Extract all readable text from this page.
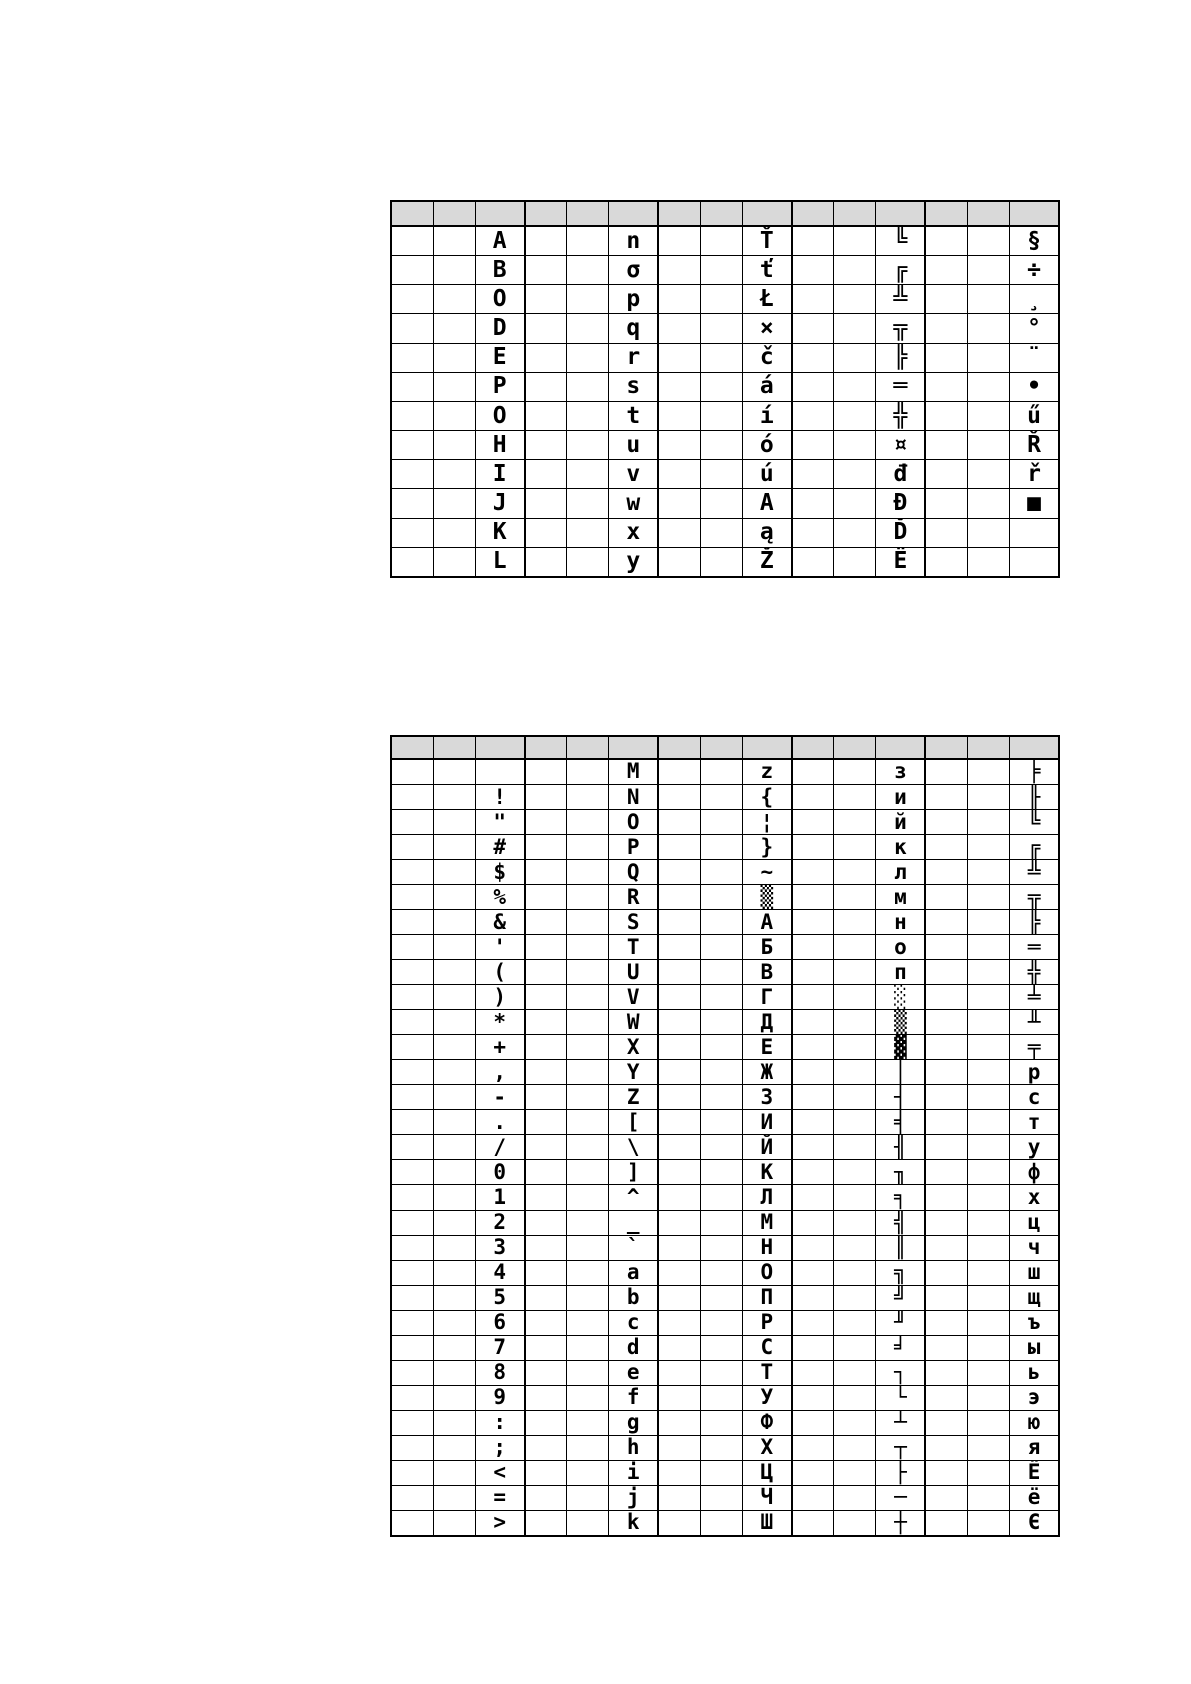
		A			n			Ť			╚			§
		B			σ			ť			╔			÷
		O			p			Ł			╩			¸
		D			q			×			╦			°
		E			r			č			╠			¨
		P			s			á			═			•
		O			t			í			╬			ű
		H			u			ó			¤			Ř
		I			v			ú			đ			ř
		J			w			A			Đ			■
		K			x			ą			Ď			
		L			y			Ž			Ë			

					M			z			з			╞
		!			N			{			и			╟
		"			O			¦			й			╚
		#			P			}			к			╔
		$			Q			~			л			╩
		%			R			▒			м			╦
		&			S			А			н			╠
		'			T			Б			о			═
		(			U			В			п			╬
		)			V			Г			░			╧
		*			W			Д			▒			╨
		+			X			Е			▓			╤
		,			Y			Ж			│			р
		-			Z			З			┤			с
		.			[			И			╡			т
		/			\			Й			╢			у
		0			]			К			╖			ф
		1			^			Л			╕			х
		2			_			М			╣			ц
		3			`			Н			║			ч
		4			a			О			╗			ш
		5			b			П			╝			щ
		6			c			Р			╜			ъ
		7			d			С			╛			ы
		8			e			Т			┐			ь
		9			f			У			└			э
		:			g			Ф			┴			ю
		;			h			Х			┬			я
		<			i			Ц			├			Ё
		=			j			Ч			─			ё
		>			k			Ш			┼			Є
